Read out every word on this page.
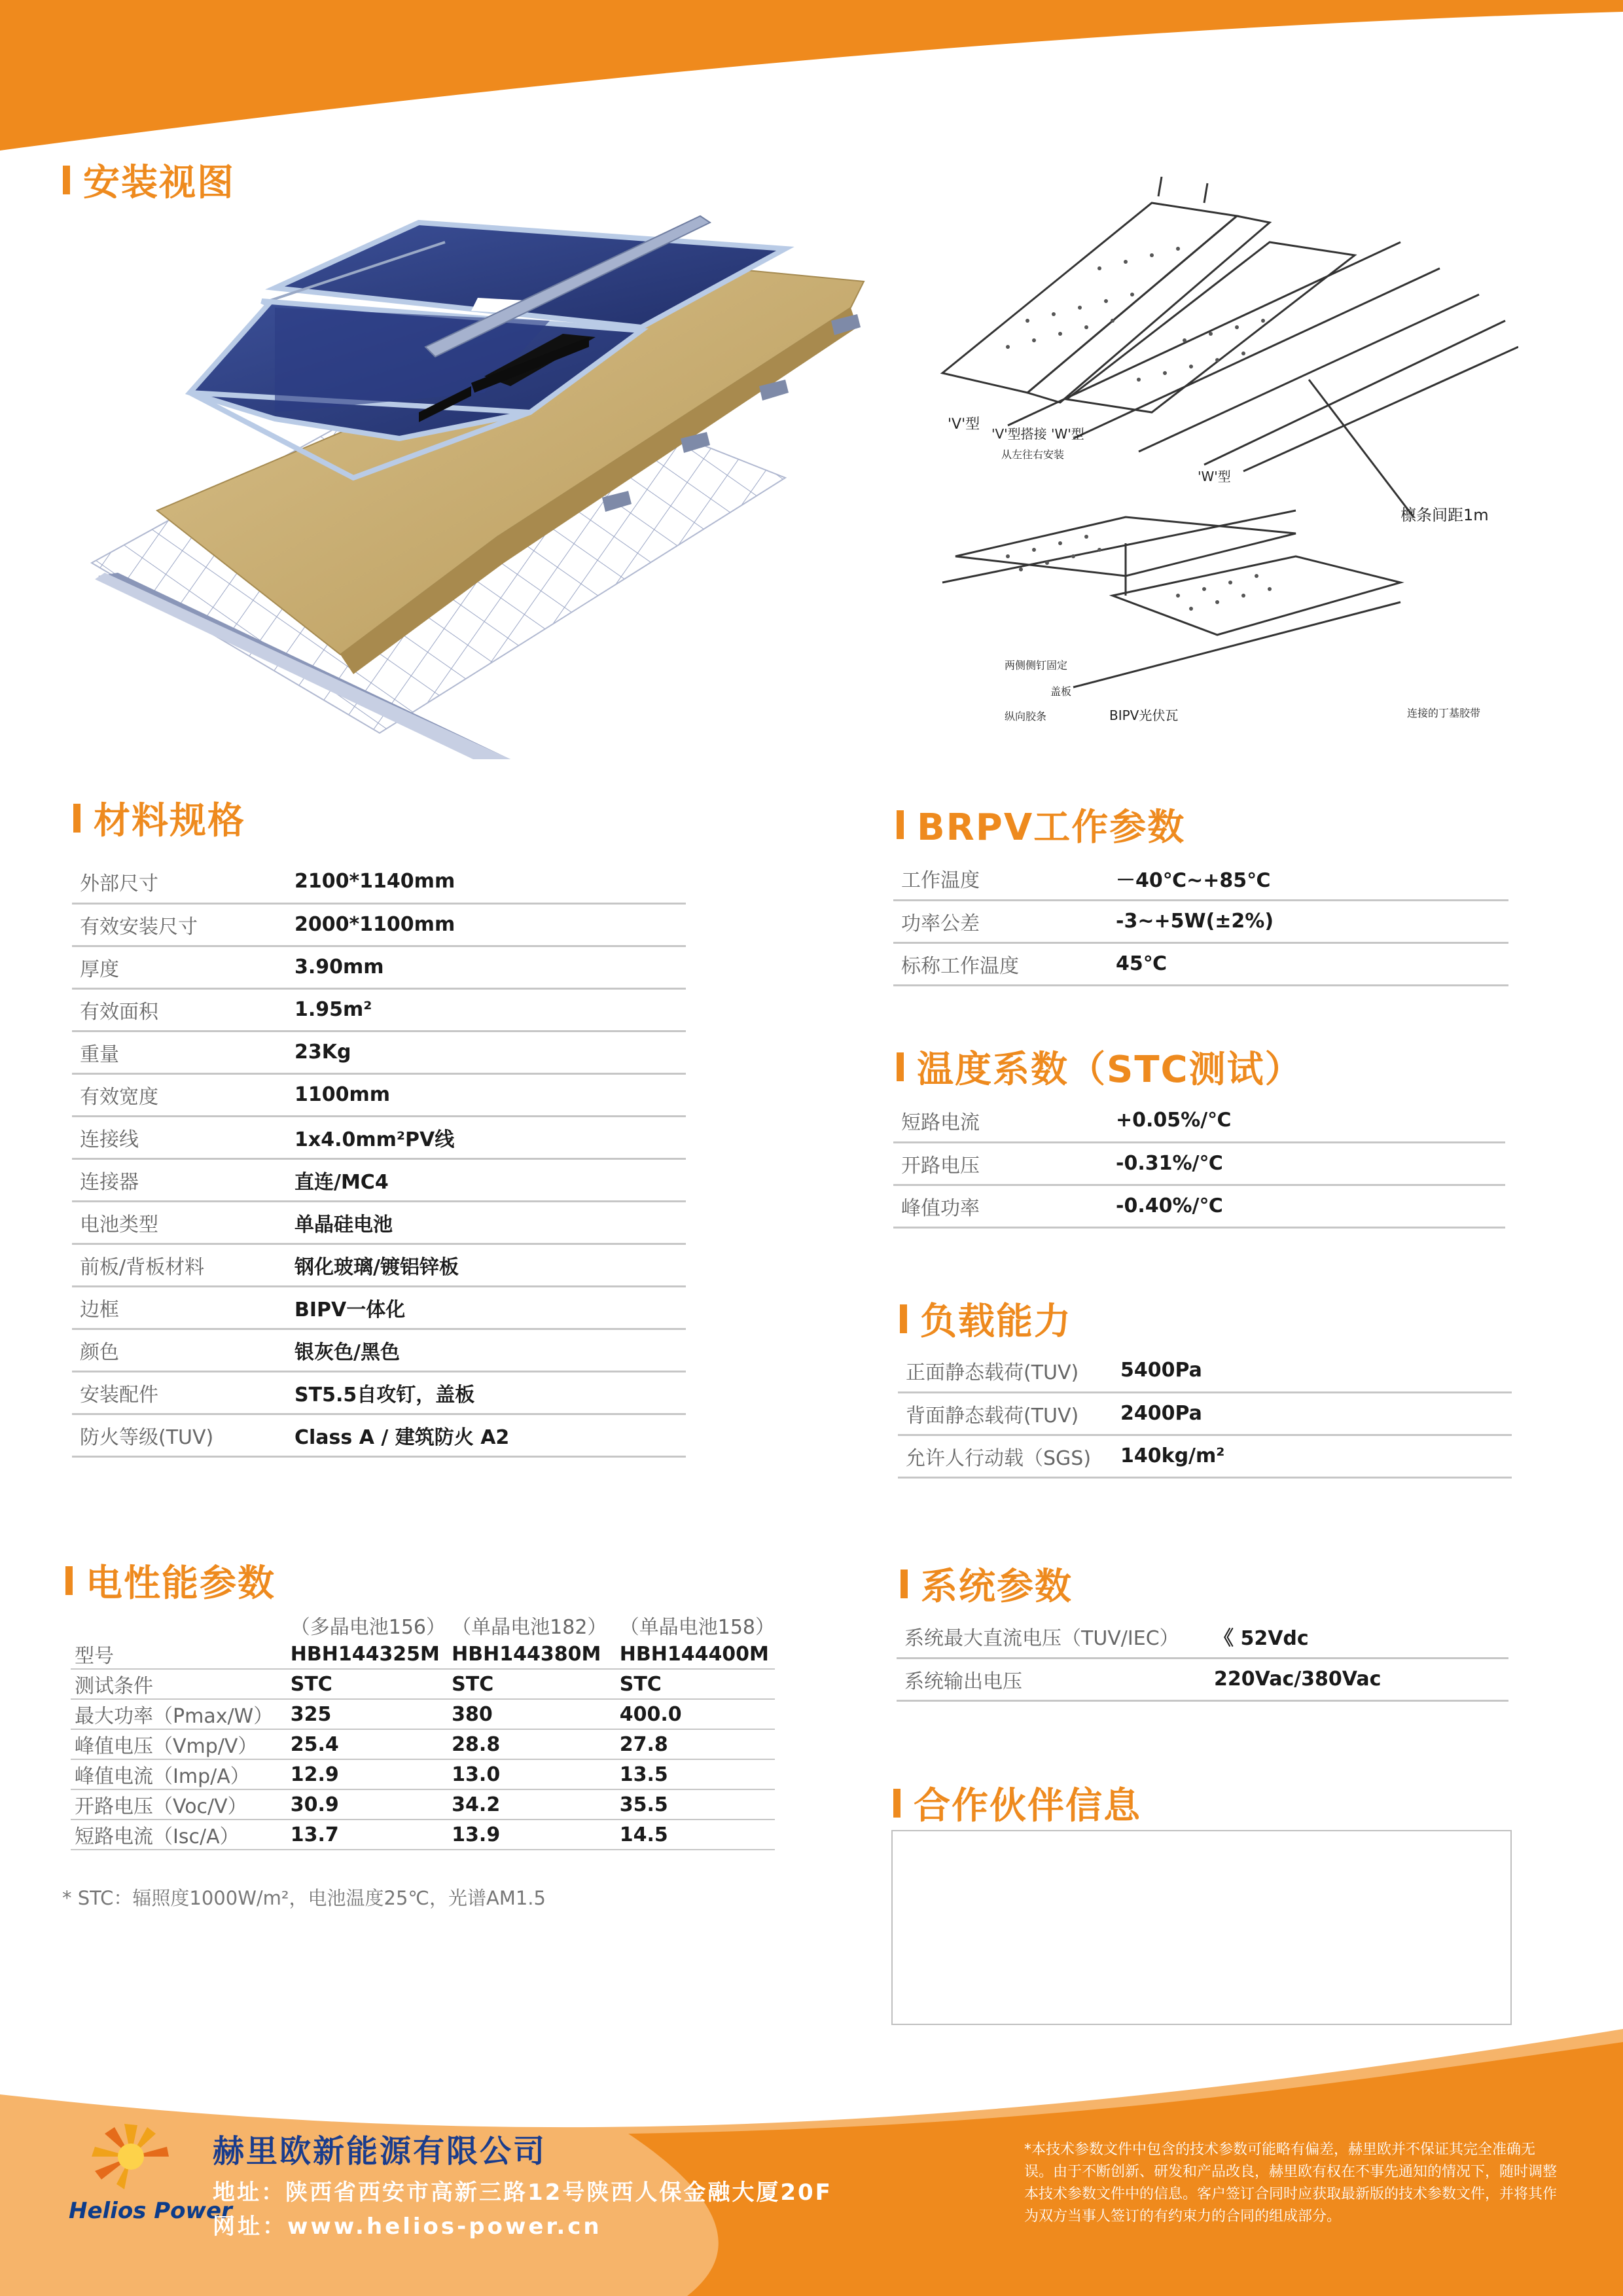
安装视图
'V'型
'V'型搭接 'W'型
从左往右安装
'W'型
檩条间距1m
两侧侧钉固定
盖板
纵向胶条	BIPV光伏瓦	连接的丁基胶带
材料规格
外部尺寸	2100*1140mm
有效安装尺寸	2000*1100mm
厚度	3.90mm
有效面积	1.95m²
重量	23Kg
有效宽度	1100mm
连接线	1x4.0mm²PV线
连接器	直连/MC4
电池类型	单晶硅电池
前板/背板材料	钢化玻璃/镀铝锌板
边框	BIPV一体化
颜色	银灰色/黑色
安装配件	ST5.5自攻钉，盖板
防火等级(TUV)	Class A / 建筑防火 A2
BRPV工作参数
工作温度	－40℃~+85℃
功率公差	-3~+5W(±2%)
标称工作温度	45℃
温度系数（STC测试）
短路电流	+0.05%/℃
开路电压	-0.31%/℃
峰值功率	-0.40%/℃
负载能力
正面静态载荷(TUV)	5400Pa
背面静态载荷(TUV)	2400Pa
允许人行动载（SGS)	140kg/m²
电性能参数
	（多晶电池156）	（单晶电池182）	（单晶电池158）
型号	HBH144325M	HBH144380M	HBH144400M
测试条件	STC	STC	STC
最大功率（Pmax/W）	325	380	400.0
峰值电压（Vmp/V）	25.4	28.8	27.8
峰值电流（Imp/A）	12.9	13.0	13.5
开路电压（Voc/V）	30.9	34.2	35.5
短路电流（Isc/A）	13.7	13.9	14.5
* STC：辐照度1000W/m²，电池温度25℃，光谱AM1.5
系统参数
系统最大直流电压（TUV/IEC）	《 52Vdc
系统输出电压	220Vac/380Vac
合作伙伴信息
Helios Power
赫里欧新能源有限公司
地址：陕西省西安市高新三路12号陕西人保金融大厦20F
网址：www.helios-power.cn
*本技术参数文件中包含的技术参数可能略有偏差，赫里欧并不保证其完全准确无误。由于不断创新、研发和产品改良，赫里欧有权在不事先通知的情况下，随时调整本技术参数文件中的信息。客户签订合同时应获取最新版的技术参数文件，并将其作为双方当事人签订的有约束力的合同的组成部分。
